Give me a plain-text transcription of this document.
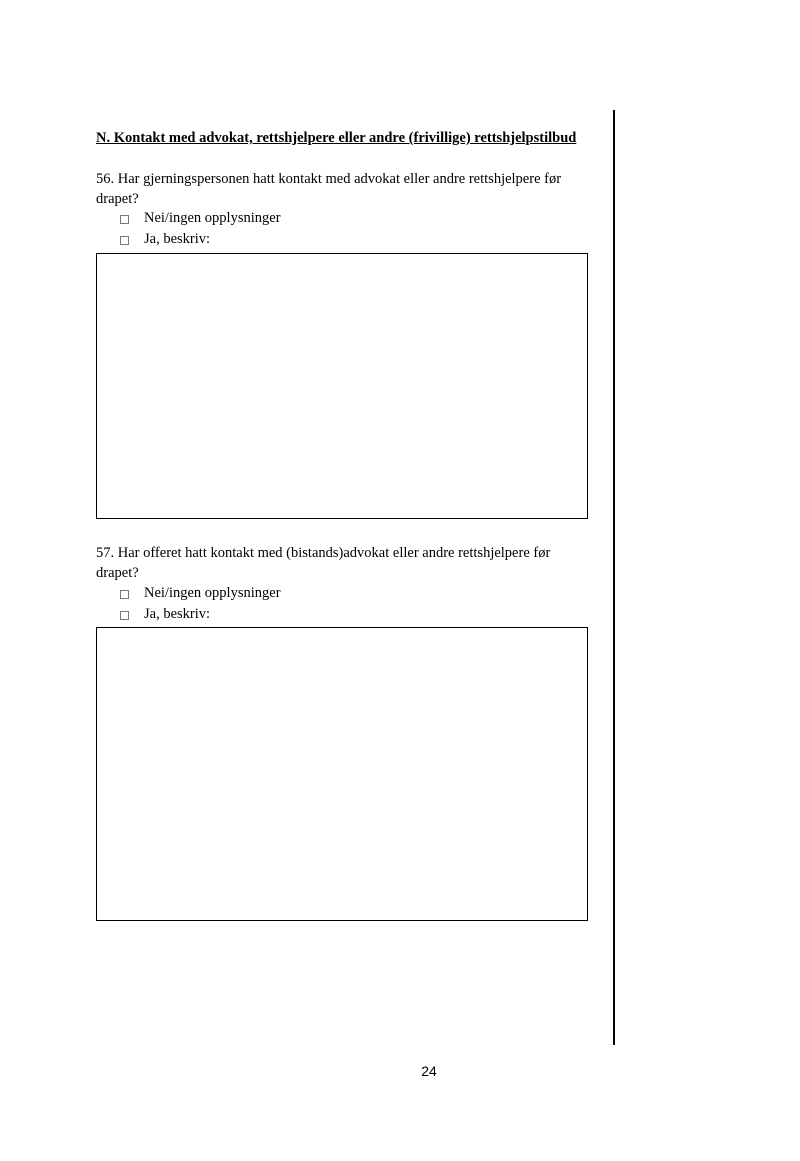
N. Kontakt med advokat, rettshjelpere eller andre (frivillige) rettshjelpstilbud
56. Har gjerningspersonen hatt kontakt med advokat eller andre rettshjelpere før drapet?
Nei/ingen opplysninger
Ja, beskriv:
57. Har offeret hatt kontakt med (bistands)advokat eller andre rettshjelpere før drapet?
Nei/ingen opplysninger
Ja, beskriv:
24
